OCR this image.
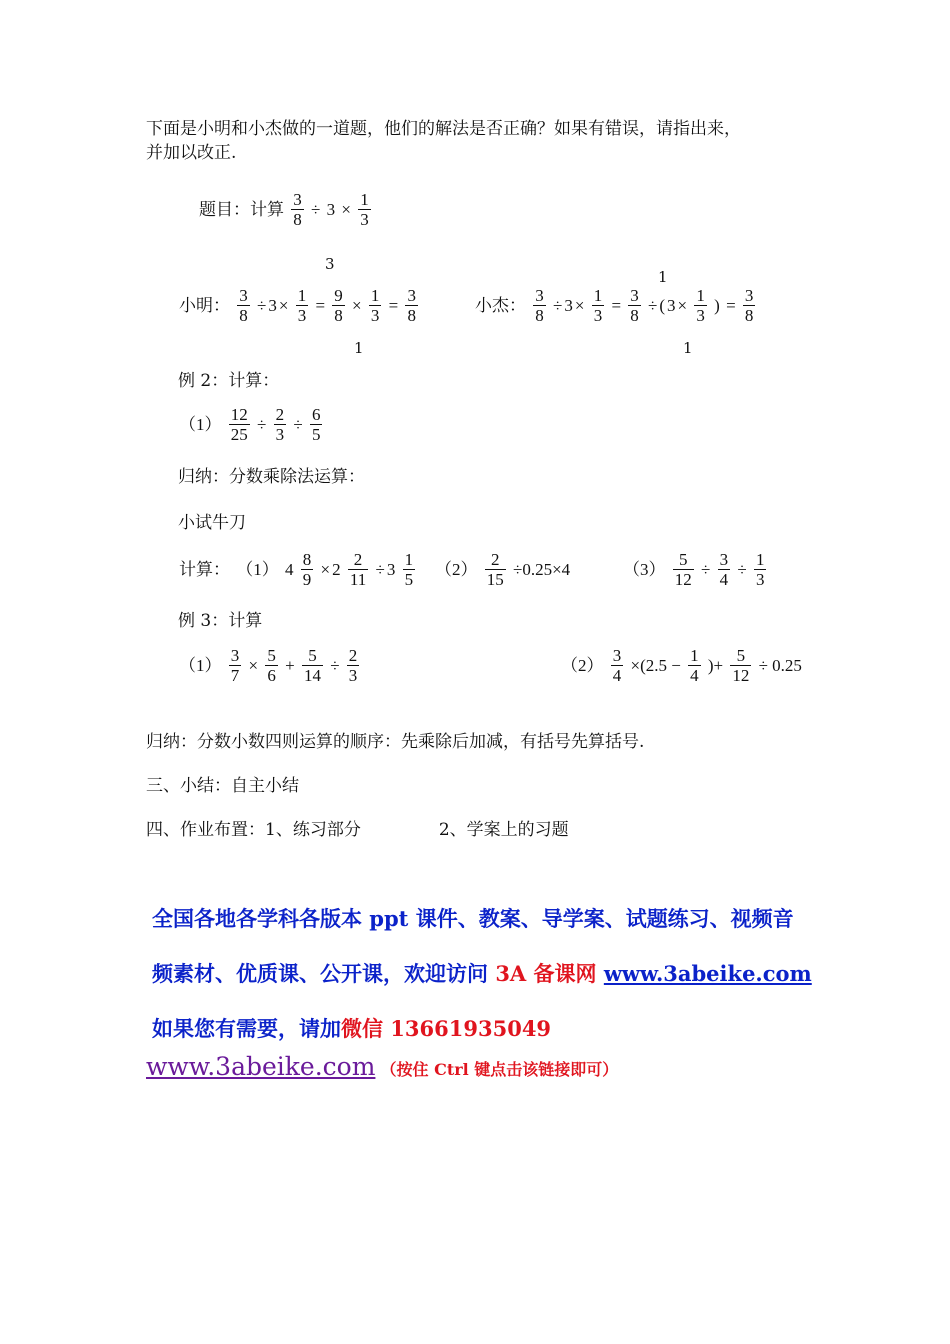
下面是小明和小杰做的一道题，他们的解法是否正确？如果有错误，请指出来，
并加以改正.
题目：计算 $\frac{3}{8} \div 3 \times \frac{1}{3}$
小明： $\frac{3}{8} \div 3 \times \frac{1}{3} = \frac{9}{8} \times \frac{1}{3} = \frac{3}{8}$
3
1
小杰： $\frac{3}{8} \div 3 \times \frac{1}{3} = \frac{3}{8}$ ÷ ( $3 \times \frac{1}{3}$ ) = $\frac{3}{8}$
1
1
例 2：计算：
$(1) \frac{12}{25} \div \frac{2}{3} \div \frac{6}{5}$
归纳：分数乘除法运算：
小试牛刀
计算： （1） $4 \frac{8}{9} \times 2 \frac{2}{11} \div 3 \frac{1}{5} (2) \frac{2}{15} \div 0.25\times 4$	$(3) \frac{5}{12} \div \frac{3}{4} \div \frac{1}{3}$
例 3：计算
$(1) \frac{3}{7} \times \frac{5}{6} + \frac{5}{14} \div \frac{2}{3}$	$(2) \frac{3}{4} \times(2.5 - \frac{1}{4}$ )+ $\frac{5}{12} \div 0.25$
归纳：分数小数四则运算的顺序：先乘除后加减，有括号先算括号.
三、小结：自主小结
四、作业布置：1、练习部分	2、学案上的习题
全国各地各学科各版本 ppt 课件、教案、导学案、试题练习、视频音
频素材、优质课、公开课，欢迎访问 3A 备课网 www.3abeike.com
如果您有需要，请加微信 13661935049
www.3abeike.com （按住 Ctrl 键点击该链接即可）
